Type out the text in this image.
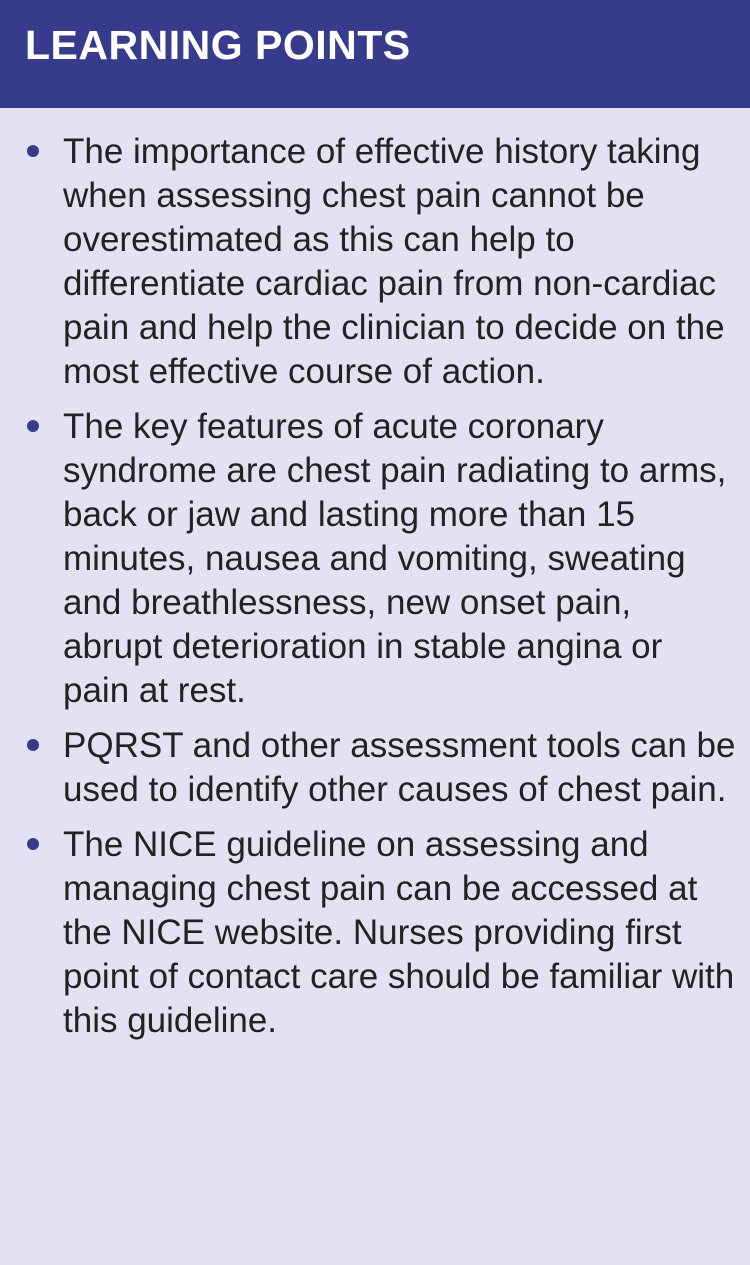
LEARNING POINTS
The importance of effective history taking when assessing chest pain cannot be overestimated as this can help to differentiate cardiac pain from non-cardiac pain and help the clinician to decide on the most effective course of action.
The key features of acute coronary syndrome are chest pain radiating to arms, back or jaw and lasting more than 15 minutes, nausea and vomiting, sweating and breathlessness, new onset pain, abrupt deterioration in stable angina or pain at rest.
PQRST and other assessment tools can be used to identify other causes of chest pain.
The NICE guideline on assessing and managing chest pain can be accessed at the NICE website. Nurses providing first point of contact care should be familiar with this guideline.
